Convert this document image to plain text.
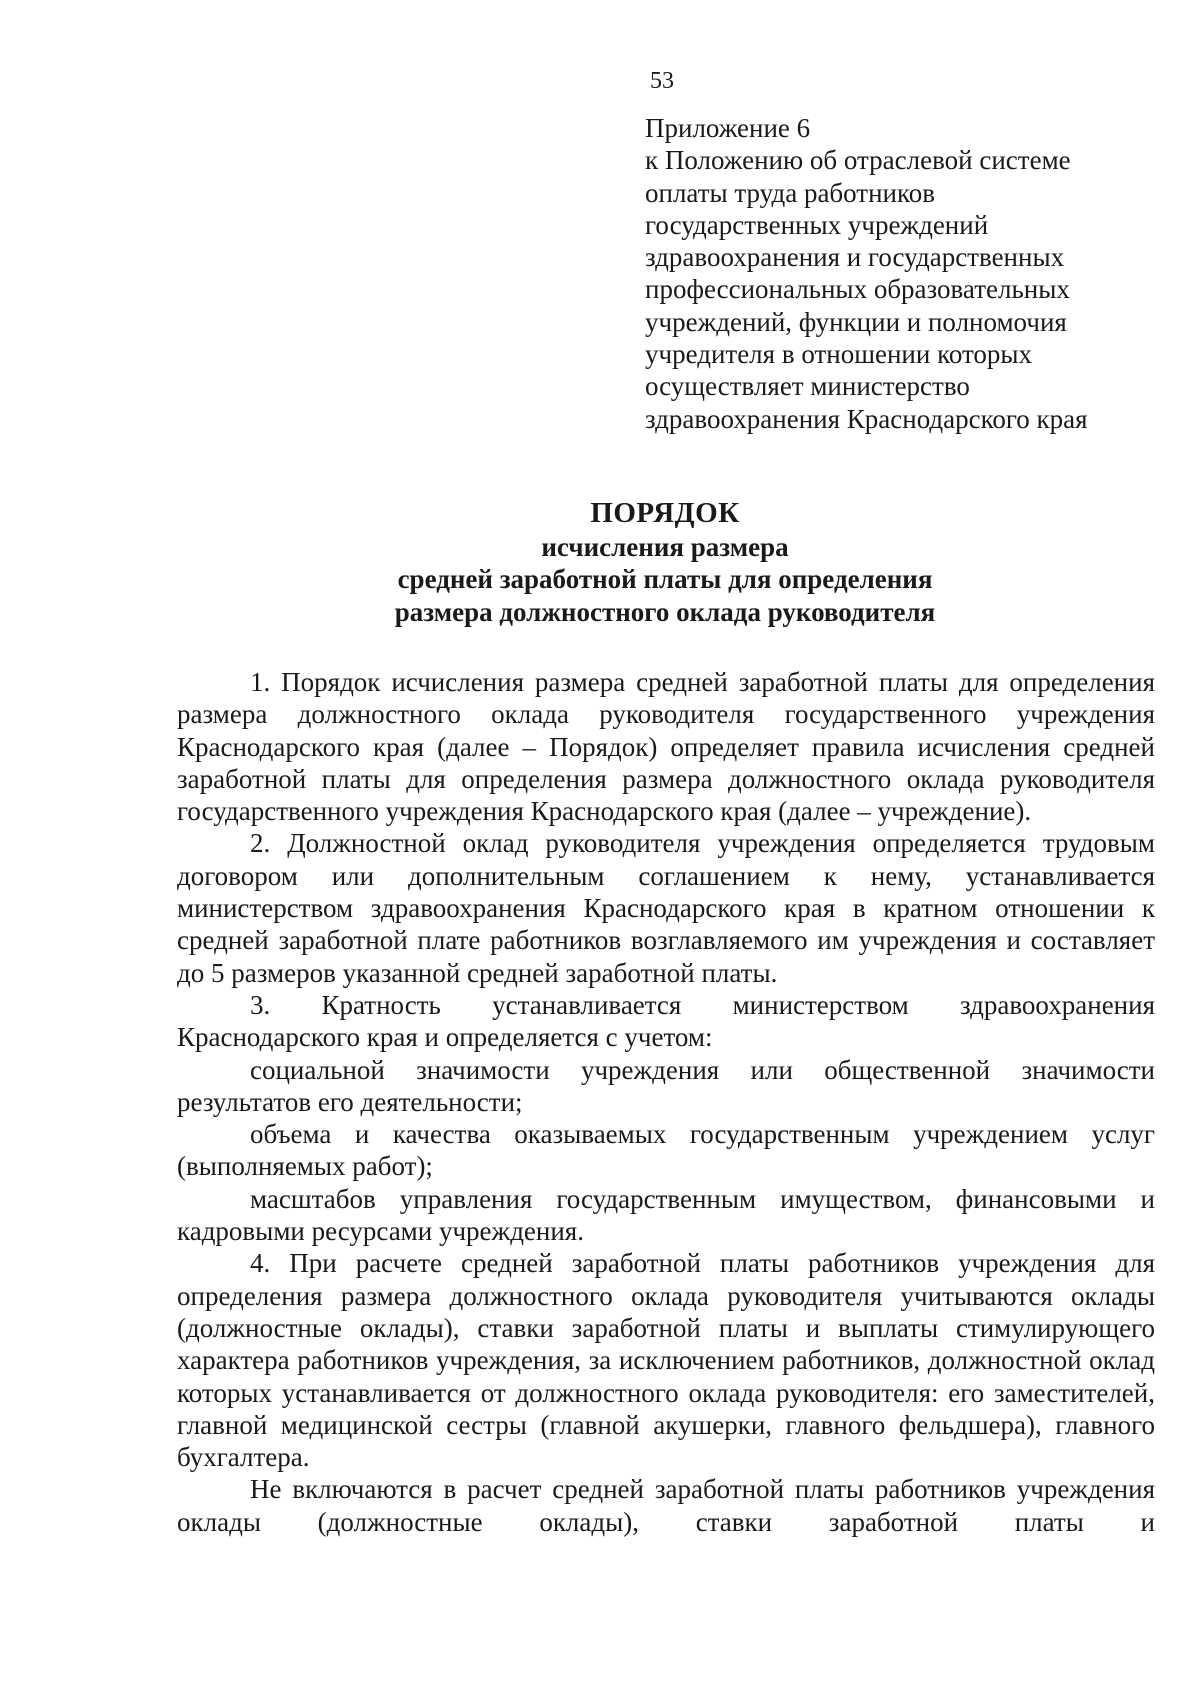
53
Приложение 6
к Положению об отраслевой системе
оплаты труда работников
государственных учреждений
здравоохранения и государственных
профессиональных образовательных
учреждений, функции и полномочия
учредителя в отношении которых
осуществляет министерство
здравоохранения Краснодарского края
ПОРЯДОК
исчисления размера
средней заработной платы для определения
размера должностного оклада руководителя

1. Порядок исчисления размера средней заработной платы для определения размера должностного оклада руководителя государственного учреждения Краснодарского края (далее – Порядок) определяет правила исчисления средней заработной платы для определения размера должностного оклада руководителя государственного учреждения Краснодарского края (далее – учреждение).

2. Должностной оклад руководителя учреждения определяется трудовым договором или дополнительным соглашением к нему, устанавливается министерством здравоохранения Краснодарского края в кратном отношении к средней заработной плате работников возглавляемого им учреждения и составляет до 5 размеров указанной средней заработной платы.

3. Кратность устанавливается министерством здравоохранения Краснодарского края и определяется с учетом:

социальной значимости учреждения или общественной значимости результатов его деятельности;

объема и качества оказываемых государственным учреждением услуг (выполняемых работ);

масштабов управления государственным имуществом, финансовыми и кадровыми ресурсами учреждения.

4. При расчете средней заработной платы работников учреждения для определения размера должностного оклада руководителя учитываются оклады (должностные оклады), ставки заработной платы и выплаты стимулирующего характера работников учреждения, за исключением работников, должностной оклад которых устанавливается от должностного оклада руководителя: его заместителей, главной медицинской сестры (главной акушерки, главного фельдшера), главного бухгалтера.

Не включаются в расчет средней заработной платы работников учреждения оклады (должностные оклады), ставки заработной платы и
